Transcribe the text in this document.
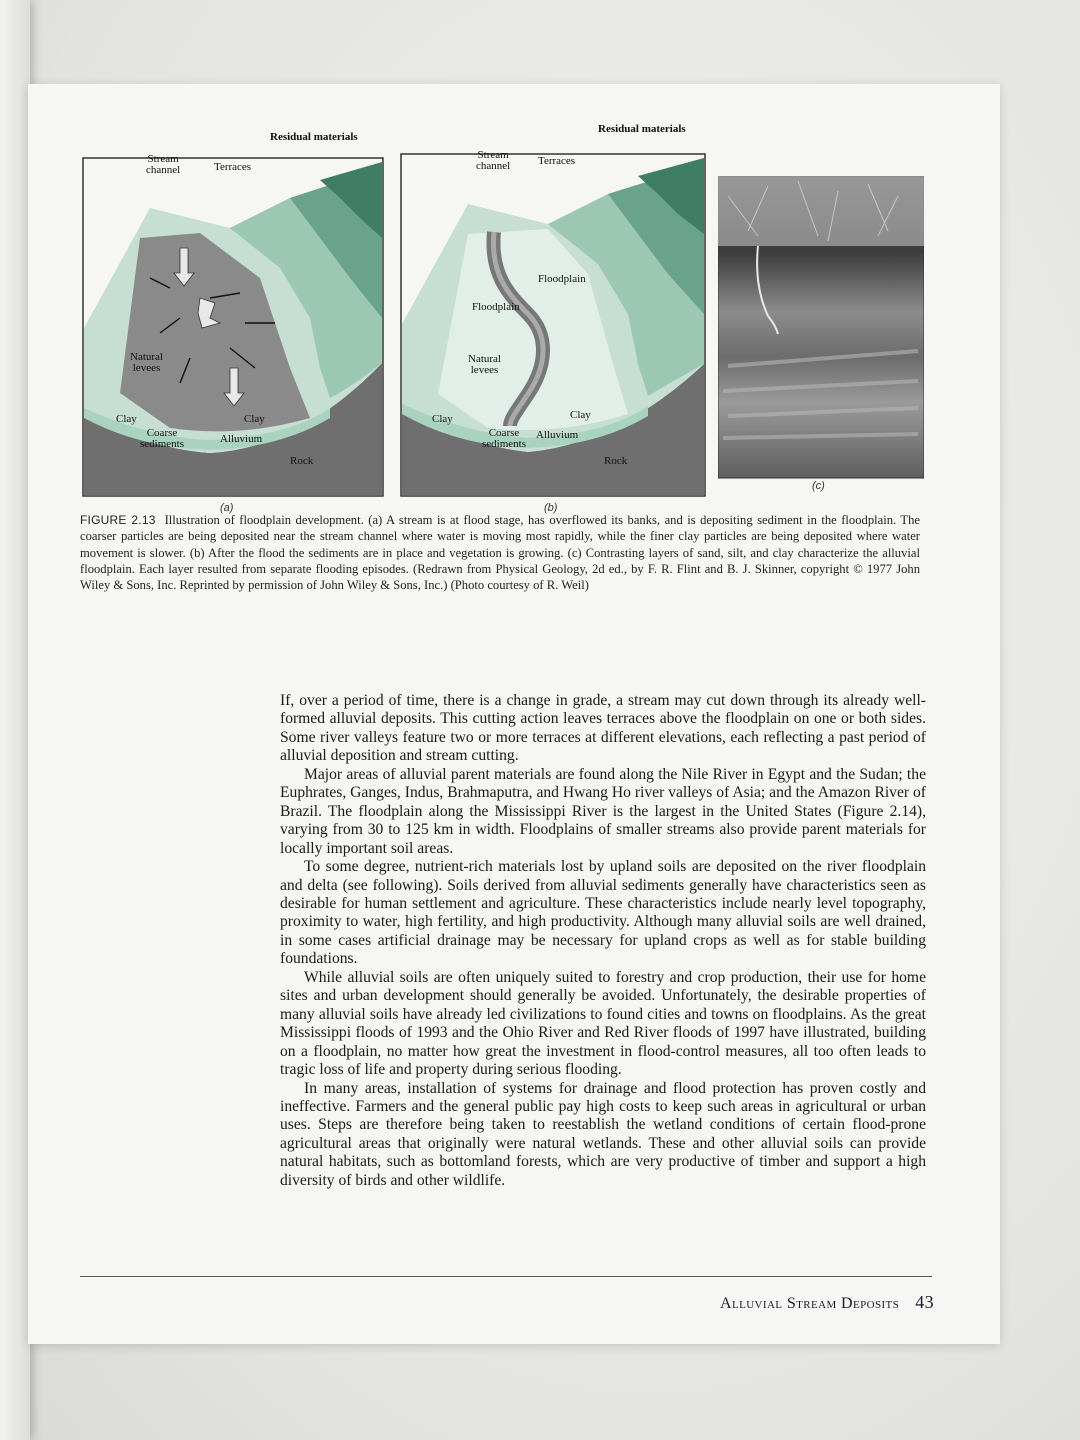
Residual materials
Stream
channel	Terraces
Natural
levees
Clay	Clay
Coarse
sediments	Alluvium
Rock
(a)
Residual materials
Stream
channel	Terraces
Floodplain
Floodplain
Natural
levees
Clay	Clay
Coarse
sediments
Alluvium
Rock
(b)
(c)
FIGURE 2.13 Illustration of floodplain development. (a) A stream is at flood stage, has overflowed its banks, and is depositing sediment in the floodplain. The coarser particles are being deposited near the stream channel where water is moving most rapidly, while the finer clay particles are being deposited where water movement is slower. (b) After the flood the sediments are in place and vegetation is growing. (c) Contrasting layers of sand, silt, and clay characterize the alluvial floodplain. Each layer resulted from separate flooding episodes. (Redrawn from Physical Geology, 2d ed., by F. R. Flint and B. J. Skinner, copyright © 1977 John Wiley & Sons, Inc. Reprinted by permission of John Wiley & Sons, Inc.) (Photo courtesy of R. Weil)

If, over a period of time, there is a change in grade, a stream may cut down through its already well-formed alluvial deposits. This cutting action leaves terraces above the floodplain on one or both sides. Some river valleys feature two or more terraces at different elevations, each reflecting a past period of alluvial deposition and stream cutting.

Major areas of alluvial parent materials are found along the Nile River in Egypt and the Sudan; the Euphrates, Ganges, Indus, Brahmaputra, and Hwang Ho river valleys of Asia; and the Amazon River of Brazil. The floodplain along the Mississippi River is the largest in the United States (Figure 2.14), varying from 30 to 125 km in width. Floodplains of smaller streams also provide parent materials for locally important soil areas.

To some degree, nutrient-rich materials lost by upland soils are deposited on the river floodplain and delta (see following). Soils derived from alluvial sediments generally have characteristics seen as desirable for human settlement and agriculture. These characteristics include nearly level topography, proximity to water, high fertility, and high productivity. Although many alluvial soils are well drained, in some cases artificial drainage may be necessary for upland crops as well as for stable building foundations.

While alluvial soils are often uniquely suited to forestry and crop production, their use for home sites and urban development should generally be avoided. Unfortunately, the desirable properties of many alluvial soils have already led civilizations to found cities and towns on floodplains. As the great Mississippi floods of 1993 and the Ohio River and Red River floods of 1997 have illustrated, building on a floodplain, no matter how great the investment in flood-control measures, all too often leads to tragic loss of life and property during serious flooding.

In many areas, installation of systems for drainage and flood protection has proven costly and ineffective. Farmers and the general public pay high costs to keep such areas in agricultural or urban uses. Steps are therefore being taken to reestablish the wetland conditions of certain flood-prone agricultural areas that originally were natural wetlands. These and other alluvial soils can provide natural habitats, such as bottomland forests, which are very productive of timber and support a high diversity of birds and other wildlife.

Alluvial Stream Deposits 43
